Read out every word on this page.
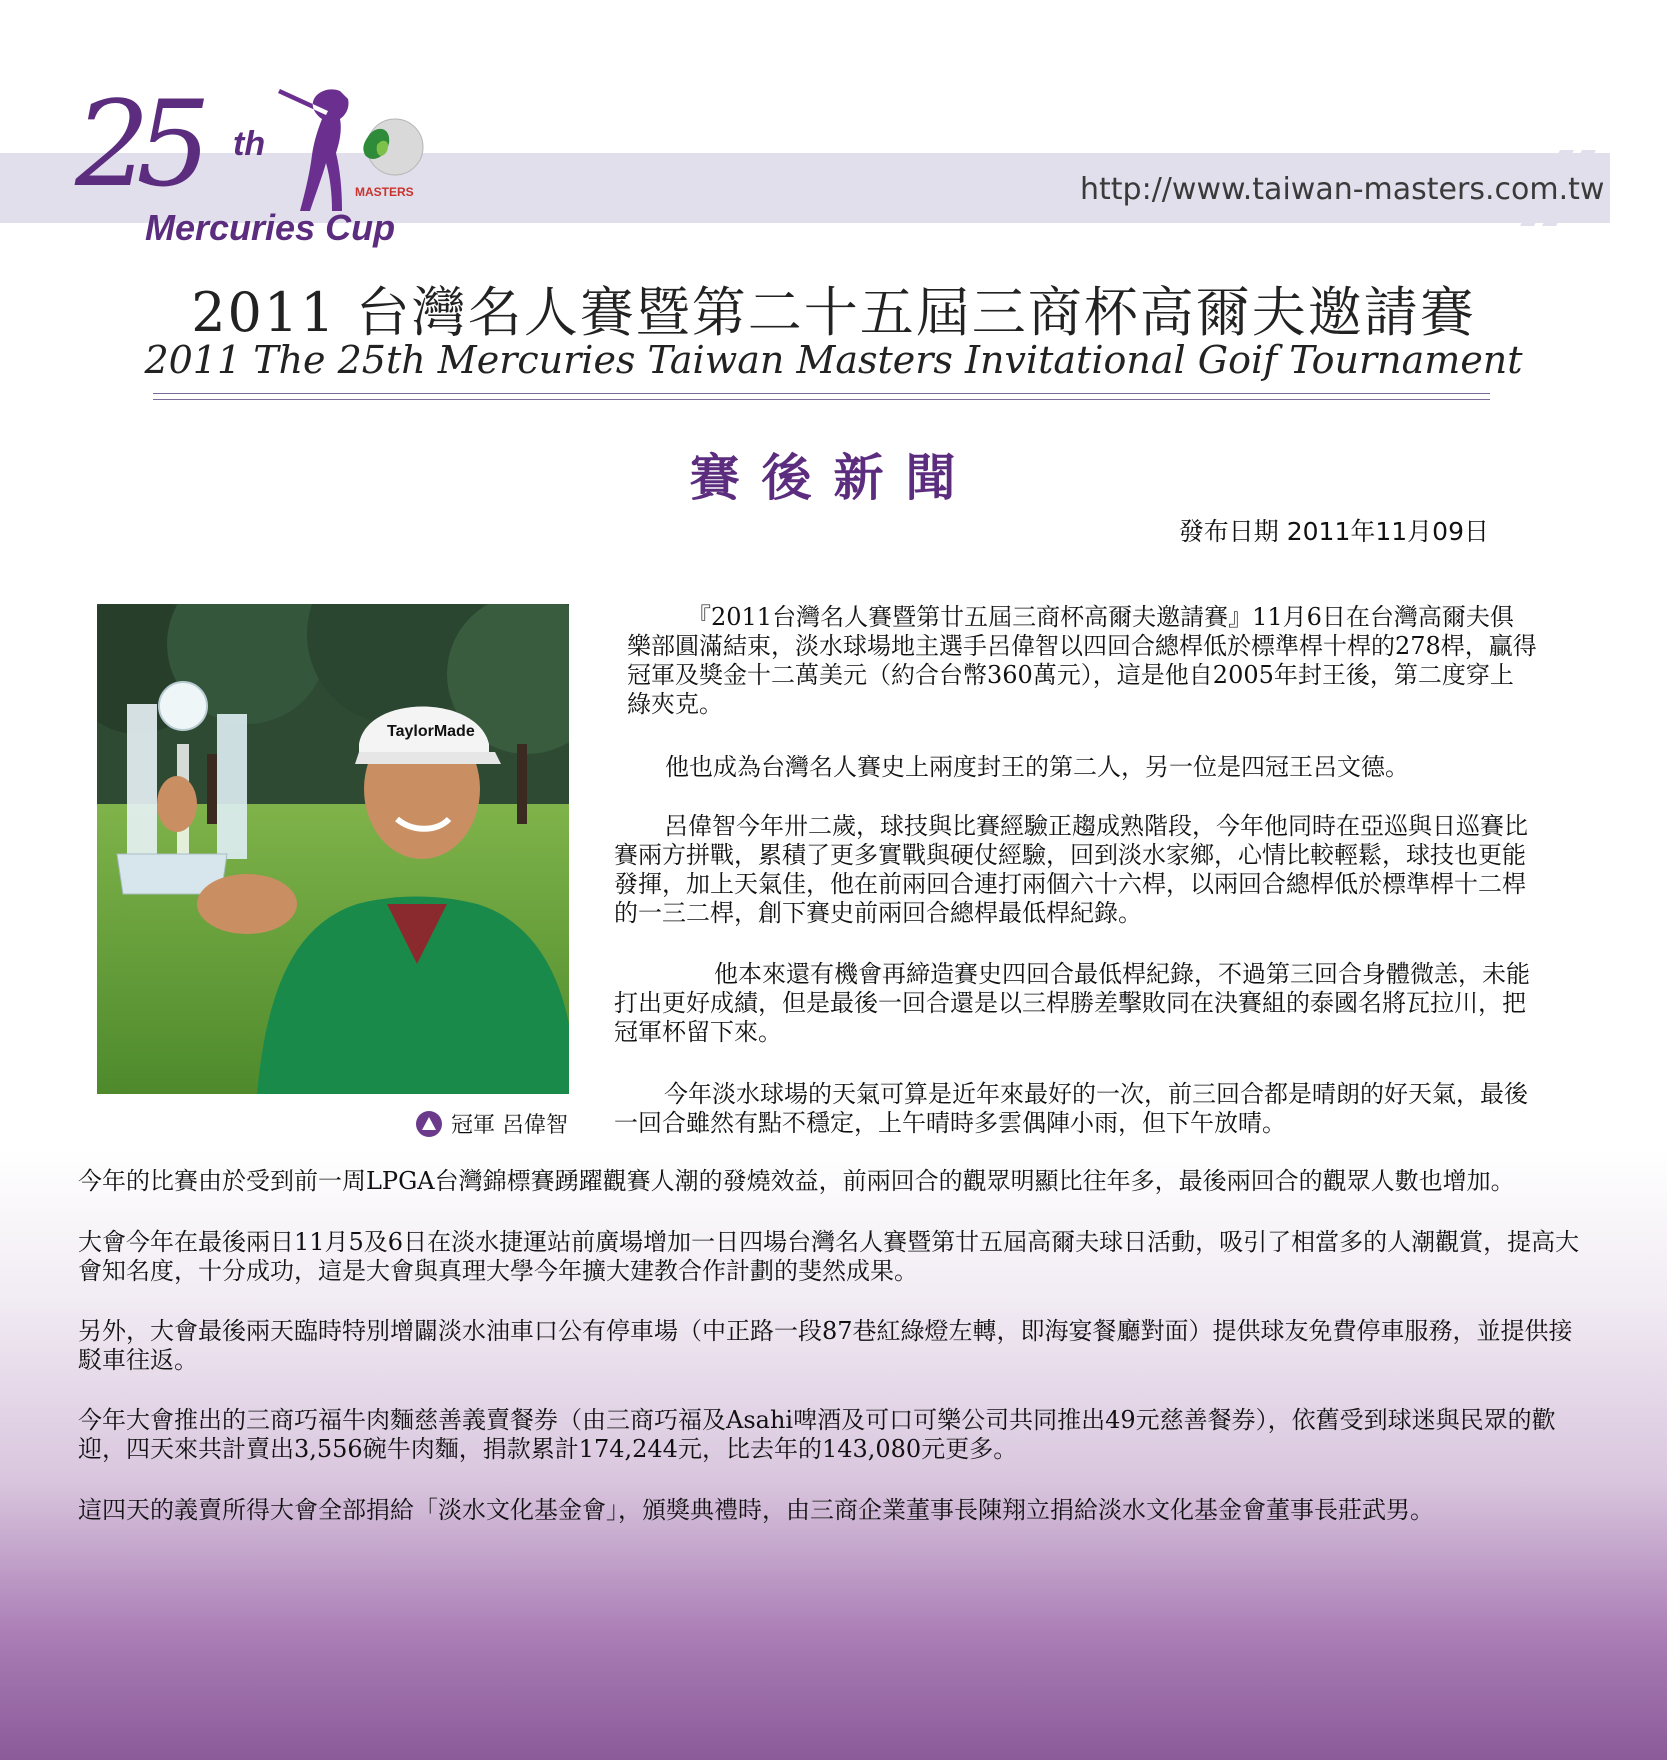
http://www.taiwan-masters.com.tw
25 th
MASTERS
Mercuries Cup
2011 台灣名人賽暨第二十五屆三商杯高爾夫邀請賽
2011 The 25th Mercuries Taiwan Masters Invitational Goif Tournament
賽後新聞
發布日期 2011年11月09日
TaylorMade
冠軍 呂偉智

『2011台灣名人賽暨第廿五屆三商杯高爾夫邀請賽』11月6日在台灣高爾夫俱樂部圓滿結束，淡水球場地主選手呂偉智以四回合總桿低於標準桿十桿的278桿，贏得冠軍及獎金十二萬美元（約合台幣360萬元），這是他自2005年封王後，第二度穿上綠夾克。

他也成為台灣名人賽史上兩度封王的第二人，另一位是四冠王呂文德。

呂偉智今年卅二歲，球技與比賽經驗正趨成熟階段，今年他同時在亞巡與日巡賽比賽兩方拼戰，累積了更多實戰與硬仗經驗，回到淡水家鄉，心情比較輕鬆，球技也更能發揮，加上天氣佳，他在前兩回合連打兩個六十六桿，以兩回合總桿低於標準桿十二桿的一三二桿，創下賽史前兩回合總桿最低桿紀錄。

他本來還有機會再締造賽史四回合最低桿紀錄，不過第三回合身體微恙，未能打出更好成績，但是最後一回合還是以三桿勝差擊敗同在決賽組的泰國名將瓦拉川，把冠軍杯留下來。

今年淡水球場的天氣可算是近年來最好的一次，前三回合都是晴朗的好天氣，最後一回合雖然有點不穩定，上午晴時多雲偶陣小雨，但下午放晴。

今年的比賽由於受到前一周LPGA台灣錦標賽踴躍觀賽人潮的發燒效益，前兩回合的觀眾明顯比往年多，最後兩回合的觀眾人數也增加。

大會今年在最後兩日11月5及6日在淡水捷運站前廣場增加一日四場台灣名人賽暨第廿五屆高爾夫球日活動，吸引了相當多的人潮觀賞，提高大會知名度，十分成功，這是大會與真理大學今年擴大建教合作計劃的斐然成果。

另外，大會最後兩天臨時特別增闢淡水油車口公有停車場（中正路一段87巷紅綠燈左轉，即海宴餐廳對面）提供球友免費停車服務，並提供接駁車往返。

今年大會推出的三商巧福牛肉麵慈善義賣餐券（由三商巧福及Asahi啤酒及可口可樂公司共同推出49元慈善餐券），依舊受到球迷與民眾的歡迎，四天來共計賣出3,556碗牛肉麵，捐款累計174,244元，比去年的143,080元更多。

這四天的義賣所得大會全部捐給「淡水文化基金會」，頒獎典禮時，由三商企業董事長陳翔立捐給淡水文化基金會董事長莊武男。
